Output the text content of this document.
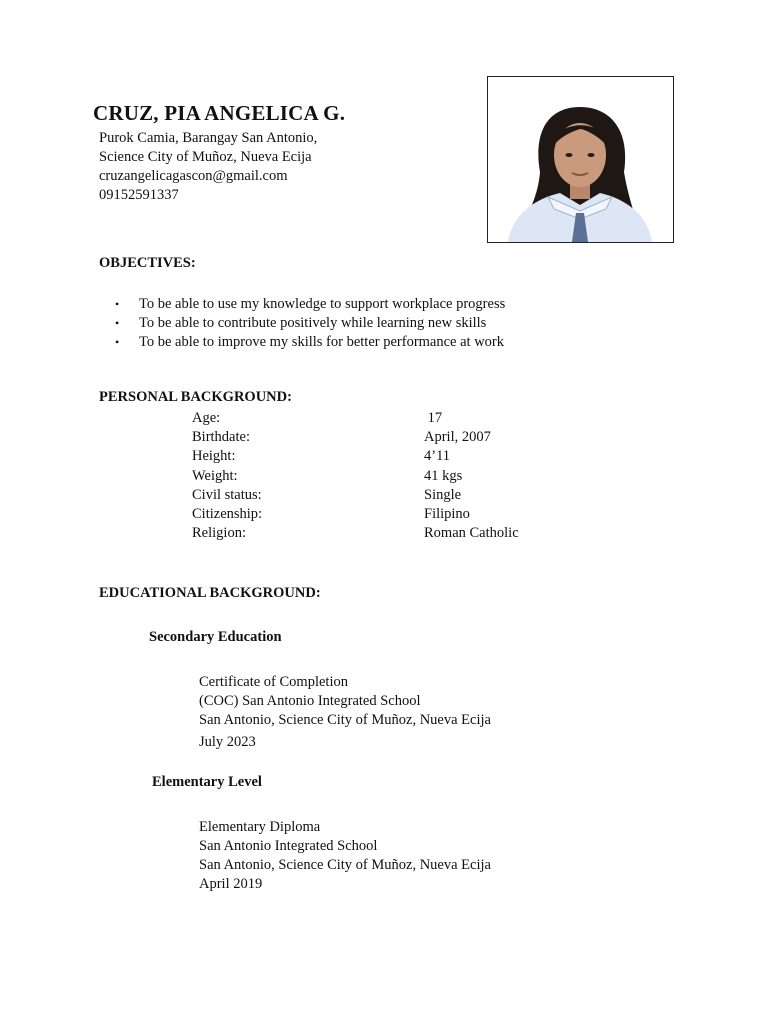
CRUZ, PIA ANGELICA G.
Purok Camia, Barangay San Antonio,
Science City of Muñoz, Nueva Ecija
cruzangelicagascon@gmail.com
09152591337
OBJECTIVES:
• To be able to use my knowledge to support workplace progress
• To be able to contribute positively while learning new skills
• To be able to improve my skills for better performance at work
PERSONAL BACKGROUND:
Age:	17
Birthdate:	April, 2007
Height:	4’11
Weight:	41 kgs
Civil status:	Single
Citizenship:	Filipino
Religion:	Roman Catholic
EDUCATIONAL BACKGROUND:
Secondary Education
Certificate of Completion
(COC) San Antonio Integrated School
San Antonio, Science City of Muñoz, Nueva Ecija
July 2023
Elementary Level
Elementary Diploma
San Antonio Integrated School
San Antonio, Science City of Muñoz, Nueva Ecija
April 2019
